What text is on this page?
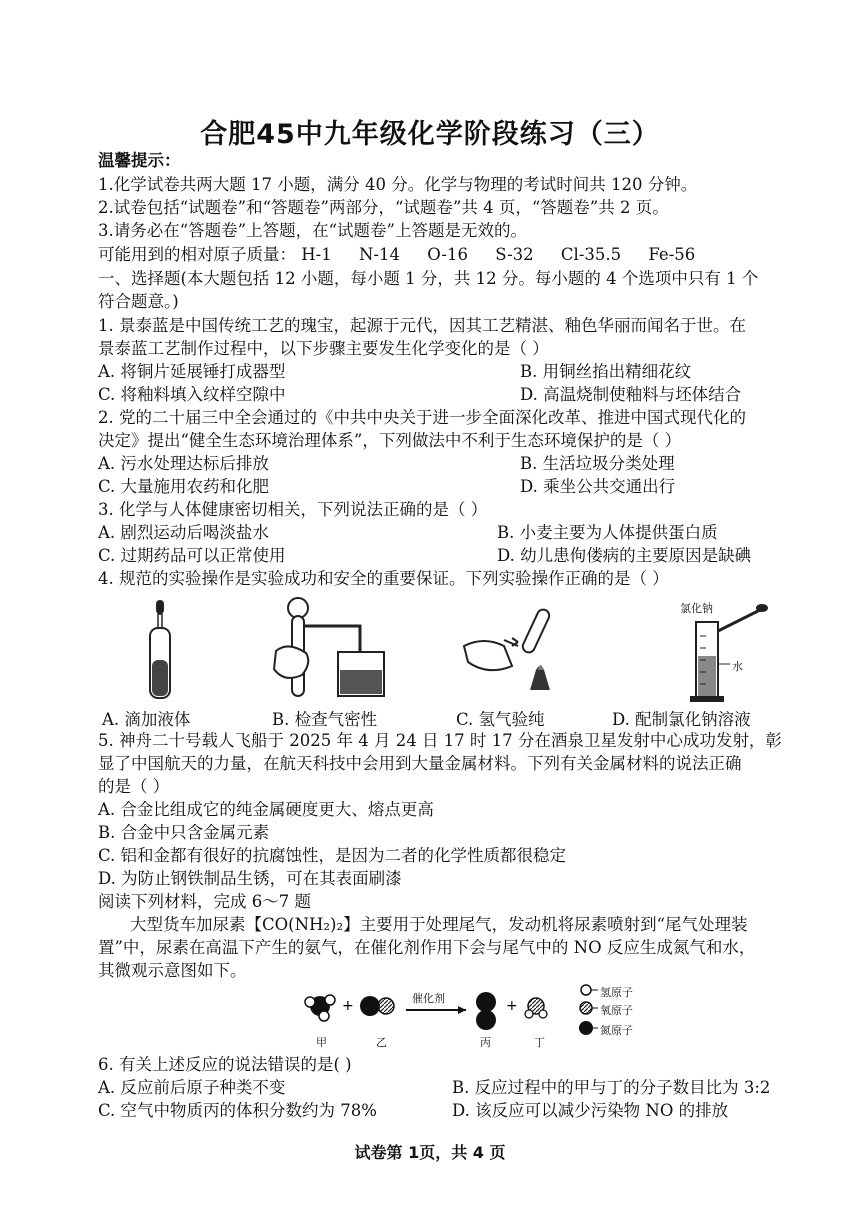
合肥45中九年级化学阶段练习（三）
温馨提示：
1.化学试卷共两大题 17 小题，满分 40 分。化学与物理的考试时间共 120 分钟。
2.试卷包括“试题卷”和“答题卷”两部分，“试题卷”共 4 页，“答题卷”共 2 页。
3.请务必在“答题卷”上答题，在“试题卷”上答题是无效的。
可能用到的相对原子质量： H-1 N-14 O-16 S-32 Cl-35.5 Fe-56
一、选择题(本大题包括 12 小题，每小题 1 分，共 12 分。每小题的 4 个选项中只有 1 个
符合题意。)
1. 景泰蓝是中国传统工艺的瑰宝，起源于元代，因其工艺精湛、釉色华丽而闻名于世。在
景泰蓝工艺制作过程中，以下步骤主要发生化学变化的是（ ）
A. 将铜片延展锤打成器型	B. 用铜丝掐出精细花纹
C. 将釉料填入纹样空隙中	D. 高温烧制使釉料与坯体结合
2. 党的二十届三中全会通过的《中共中央关于进一步全面深化改革、推进中国式现代化的
决定》提出“健全生态环境治理体系”，下列做法中不利于生态环境保护的是（ ）
A. 污水处理达标后排放	B. 生活垃圾分类处理
C. 大量施用农药和化肥	D. 乘坐公共交通出行
3. 化学与人体健康密切相关，下列说法正确的是（ ）
A. 剧烈运动后喝淡盐水	B. 小麦主要为人体提供蛋白质
C. 过期药品可以正常使用	D. 幼儿患佝偻病的主要原因是缺碘
4. 规范的实验操作是实验成功和安全的重要保证。下列实验操作正确的是（ ）
氯化钠
水
A. 滴加液体	B. 检查气密性	C. 氢气验纯	D. 配制氯化钠溶液
5. 神舟二十号载人飞船于 2025 年 4 月 24 日 17 时 17 分在酒泉卫星发射中心成功发射，彰
显了中国航天的力量，在航天科技中会用到大量金属材料。下列有关金属材料的说法正确
的是（ ）
A. 合金比组成它的纯金属硬度更大、熔点更高
B. 合金中只含金属元素
C. 铝和金都有很好的抗腐蚀性，是因为二者的化学性质都很稳定
D. 为防止钢铁制品生锈，可在其表面刷漆
阅读下列材料，完成 6～7 题
大型货车加尿素【CO(NH₂)₂】主要用于处理尾气，发动机将尿素喷射到“尾气处理装
置”中，尿素在高温下产生的氨气，在催化剂作用下会与尾气中的 NO 反应生成氮气和水，
其微观示意图如下。
+	+
催化剂
甲	乙	丙	丁
氢原子
氧原子
氮原子
6. 有关上述反应的说法错误的是( )
A. 反应前后原子种类不变	B. 反应过程中的甲与丁的分子数目比为 3:2
C. 空气中物质丙的体积分数约为 78%	D. 该反应可以减少污染物 NO 的排放
试卷第 1页，共 4 页
